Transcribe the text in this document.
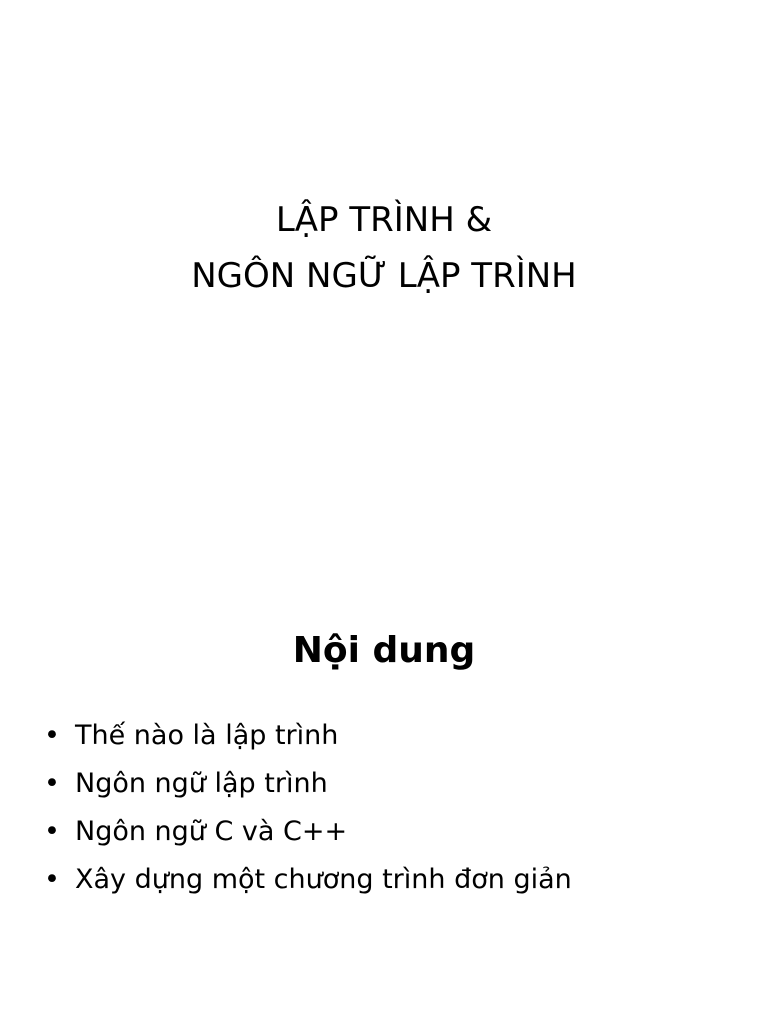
LẬP TRÌNH &
NGÔN NGỮ LẬP TRÌNH
Nội dung
• Thế nào là lập trình
• Ngôn ngữ lập trình
• Ngôn ngữ C và C++
• Xây dựng một chương trình đơn giản
